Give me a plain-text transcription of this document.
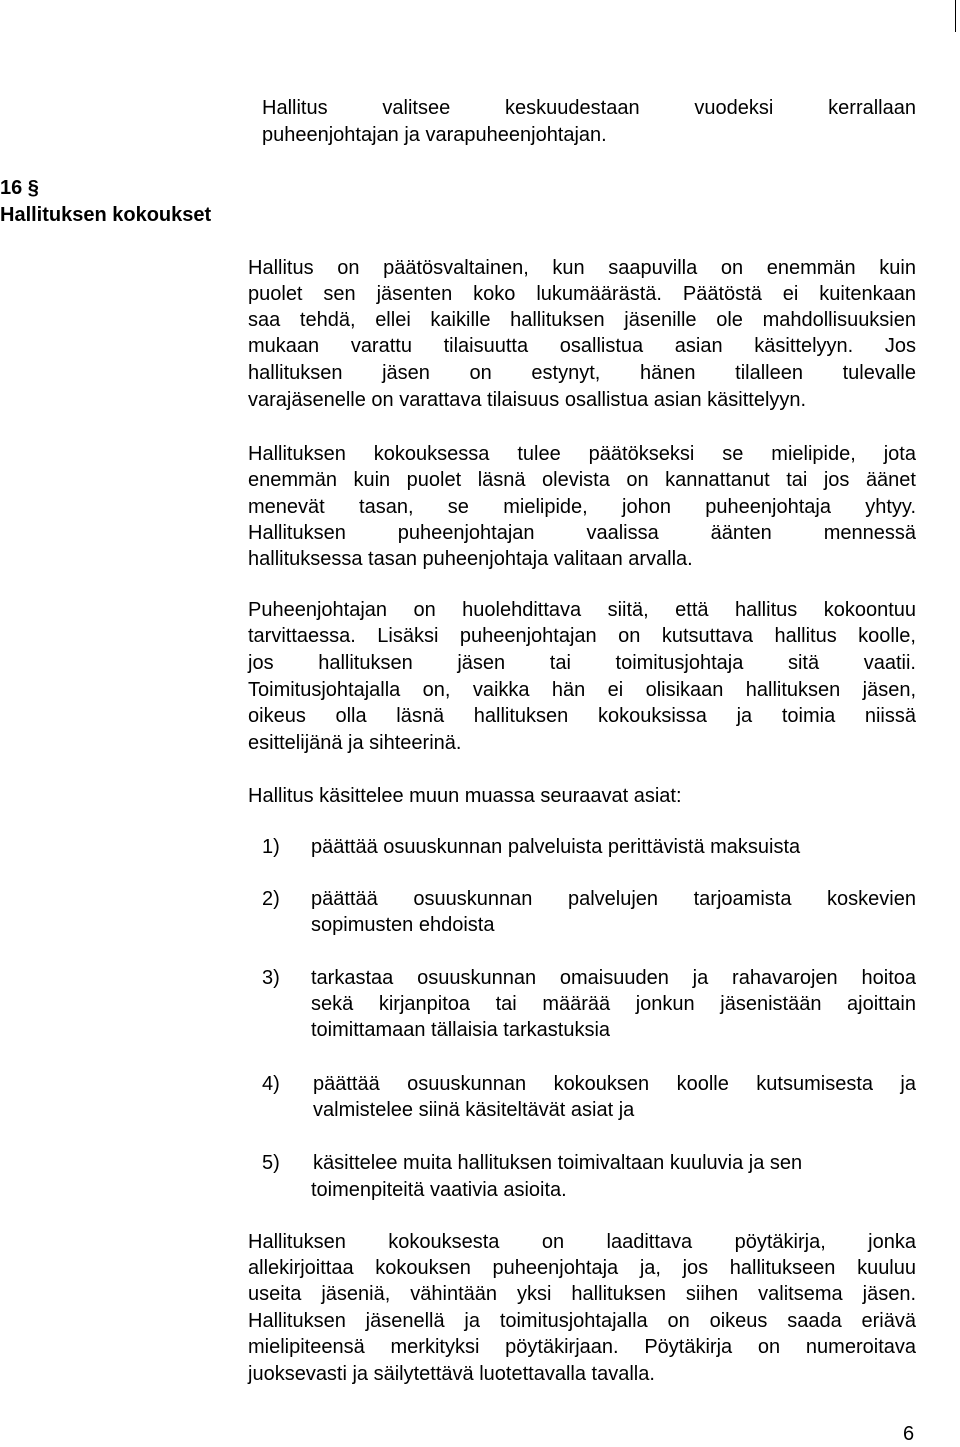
Hallitus valitsee keskuudestaan vuodeksi kerrallaan
puheenjohtajan ja varapuheenjohtajan.
16 §
Hallituksen kokoukset
Hallitus on päätösvaltainen, kun saapuvilla on enemmän kuin
puolet sen jäsenten koko lukumäärästä. Päätöstä ei kuitenkaan
saa tehdä, ellei kaikille hallituksen jäsenille ole mahdollisuuksien
mukaan varattu tilaisuutta osallistua asian käsittelyyn. Jos
hallituksen jäsen on estynyt, hänen tilalleen tulevalle
varajäsenelle on varattava tilaisuus osallistua asian käsittelyyn.
Hallituksen kokouksessa tulee päätökseksi se mielipide, jota
enemmän kuin puolet läsnä olevista on kannattanut tai jos äänet
menevät tasan, se mielipide, johon puheenjohtaja yhtyy.
Hallituksen puheenjohtajan vaalissa äänten mennessä
hallituksessa tasan puheenjohtaja valitaan arvalla.
Puheenjohtajan on huolehdittava siitä, että hallitus kokoontuu
tarvittaessa. Lisäksi puheenjohtajan on kutsuttava hallitus koolle,
jos hallituksen jäsen tai toimitusjohtaja sitä vaatii.
Toimitusjohtajalla on, vaikka hän ei olisikaan hallituksen jäsen,
oikeus olla läsnä hallituksen kokouksissa ja toimia niissä
esittelijänä ja sihteerinä.
Hallitus käsittelee muun muassa seuraavat asiat:
1) päättää osuuskunnan palveluista perittävistä maksuista
2) päättää osuuskunnan palvelujen tarjoamista koskevien
sopimusten ehdoista
3) tarkastaa osuuskunnan omaisuuden ja rahavarojen hoitoa
sekä kirjanpitoa tai määrää jonkun jäsenistään ajoittain
toimittamaan tällaisia tarkastuksia
4) päättää osuuskunnan kokouksen koolle kutsumisesta ja
valmistelee siinä käsiteltävät asiat ja
5) käsittelee muita hallituksen toimivaltaan kuuluvia ja sen
toimenpiteitä vaativia asioita.
Hallituksen kokouksesta on laadittava pöytäkirja, jonka
allekirjoittaa kokouksen puheenjohtaja ja, jos hallitukseen kuuluu
useita jäseniä, vähintään yksi hallituksen siihen valitsema jäsen.
Hallituksen jäsenellä ja toimitusjohtajalla on oikeus saada eriävä
mielipiteensä merkityksi pöytäkirjaan. Pöytäkirja on numeroitava
juoksevasti ja säilytettävä luotettavalla tavalla.
6
